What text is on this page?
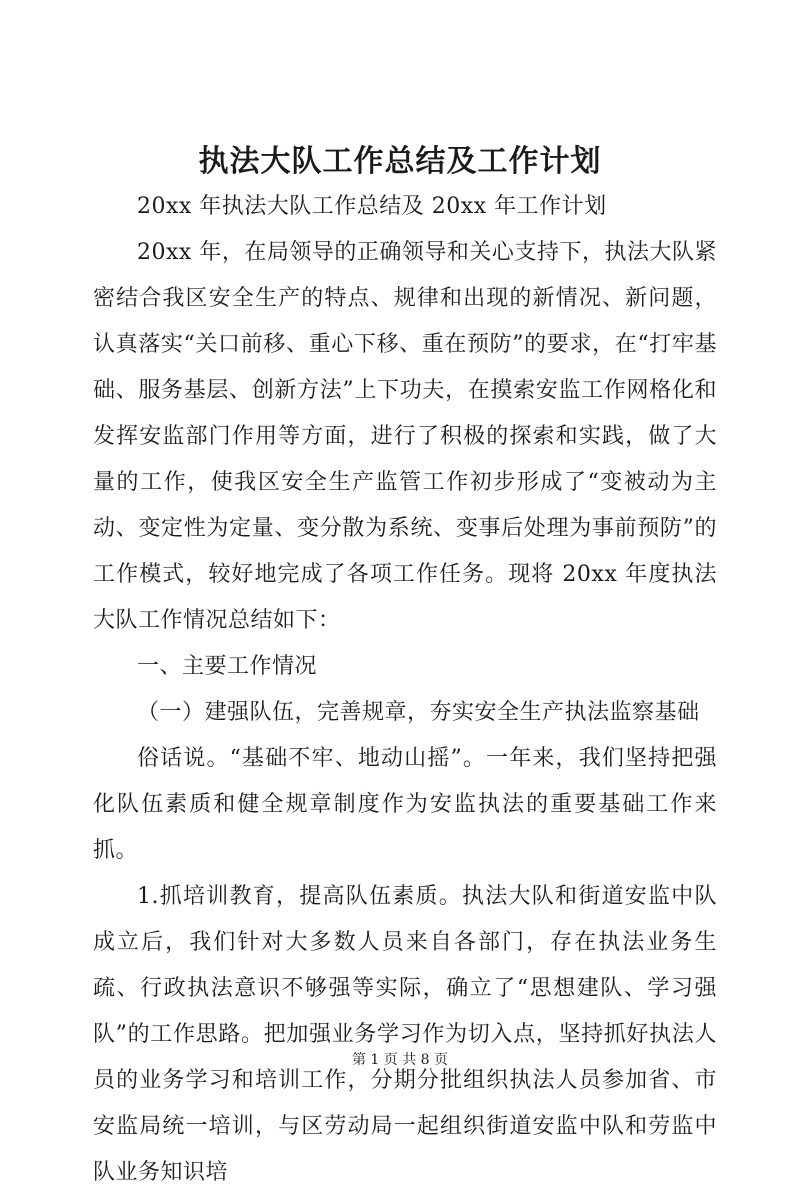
执法大队工作总结及工作计划

20xx 年执法大队工作总结及 20xx 年工作计划

20xx 年，在局领导的正确领导和关心支持下，执法大队紧密结合我区安全生产的特点、规律和出现的新情况、新问题，认真落实“关口前移、重心下移、重在预防”的要求，在“打牢基础、服务基层、创新方法”上下功夫，在摸索安监工作网格化和发挥安监部门作用等方面，进行了积极的探索和实践，做了大量的工作，使我区安全生产监管工作初步形成了“变被动为主动、变定性为定量、变分散为系统、变事后处理为事前预防”的工作模式，较好地完成了各项工作任务。现将 20xx 年度执法大队工作情况总结如下：

一、主要工作情况

（一）建强队伍，完善规章，夯实安全生产执法监察基础

俗话说。“基础不牢、地动山摇”。一年来，我们坚持把强化队伍素质和健全规章制度作为安监执法的重要基础工作来抓。

1.抓培训教育，提高队伍素质。执法大队和街道安监中队成立后，我们针对大多数人员来自各部门，存在执法业务生疏、行政执法意识不够强等实际，确立了“思想建队、学习强队”的工作思路。把加强业务学习作为切入点，坚持抓好执法人员的业务学习和培训工作，分期分批组织执法人员参加省、市安监局统一培训，与区劳动局一起组织街道安监中队和劳监中队业务知识培

第 1 页 共 8 页
